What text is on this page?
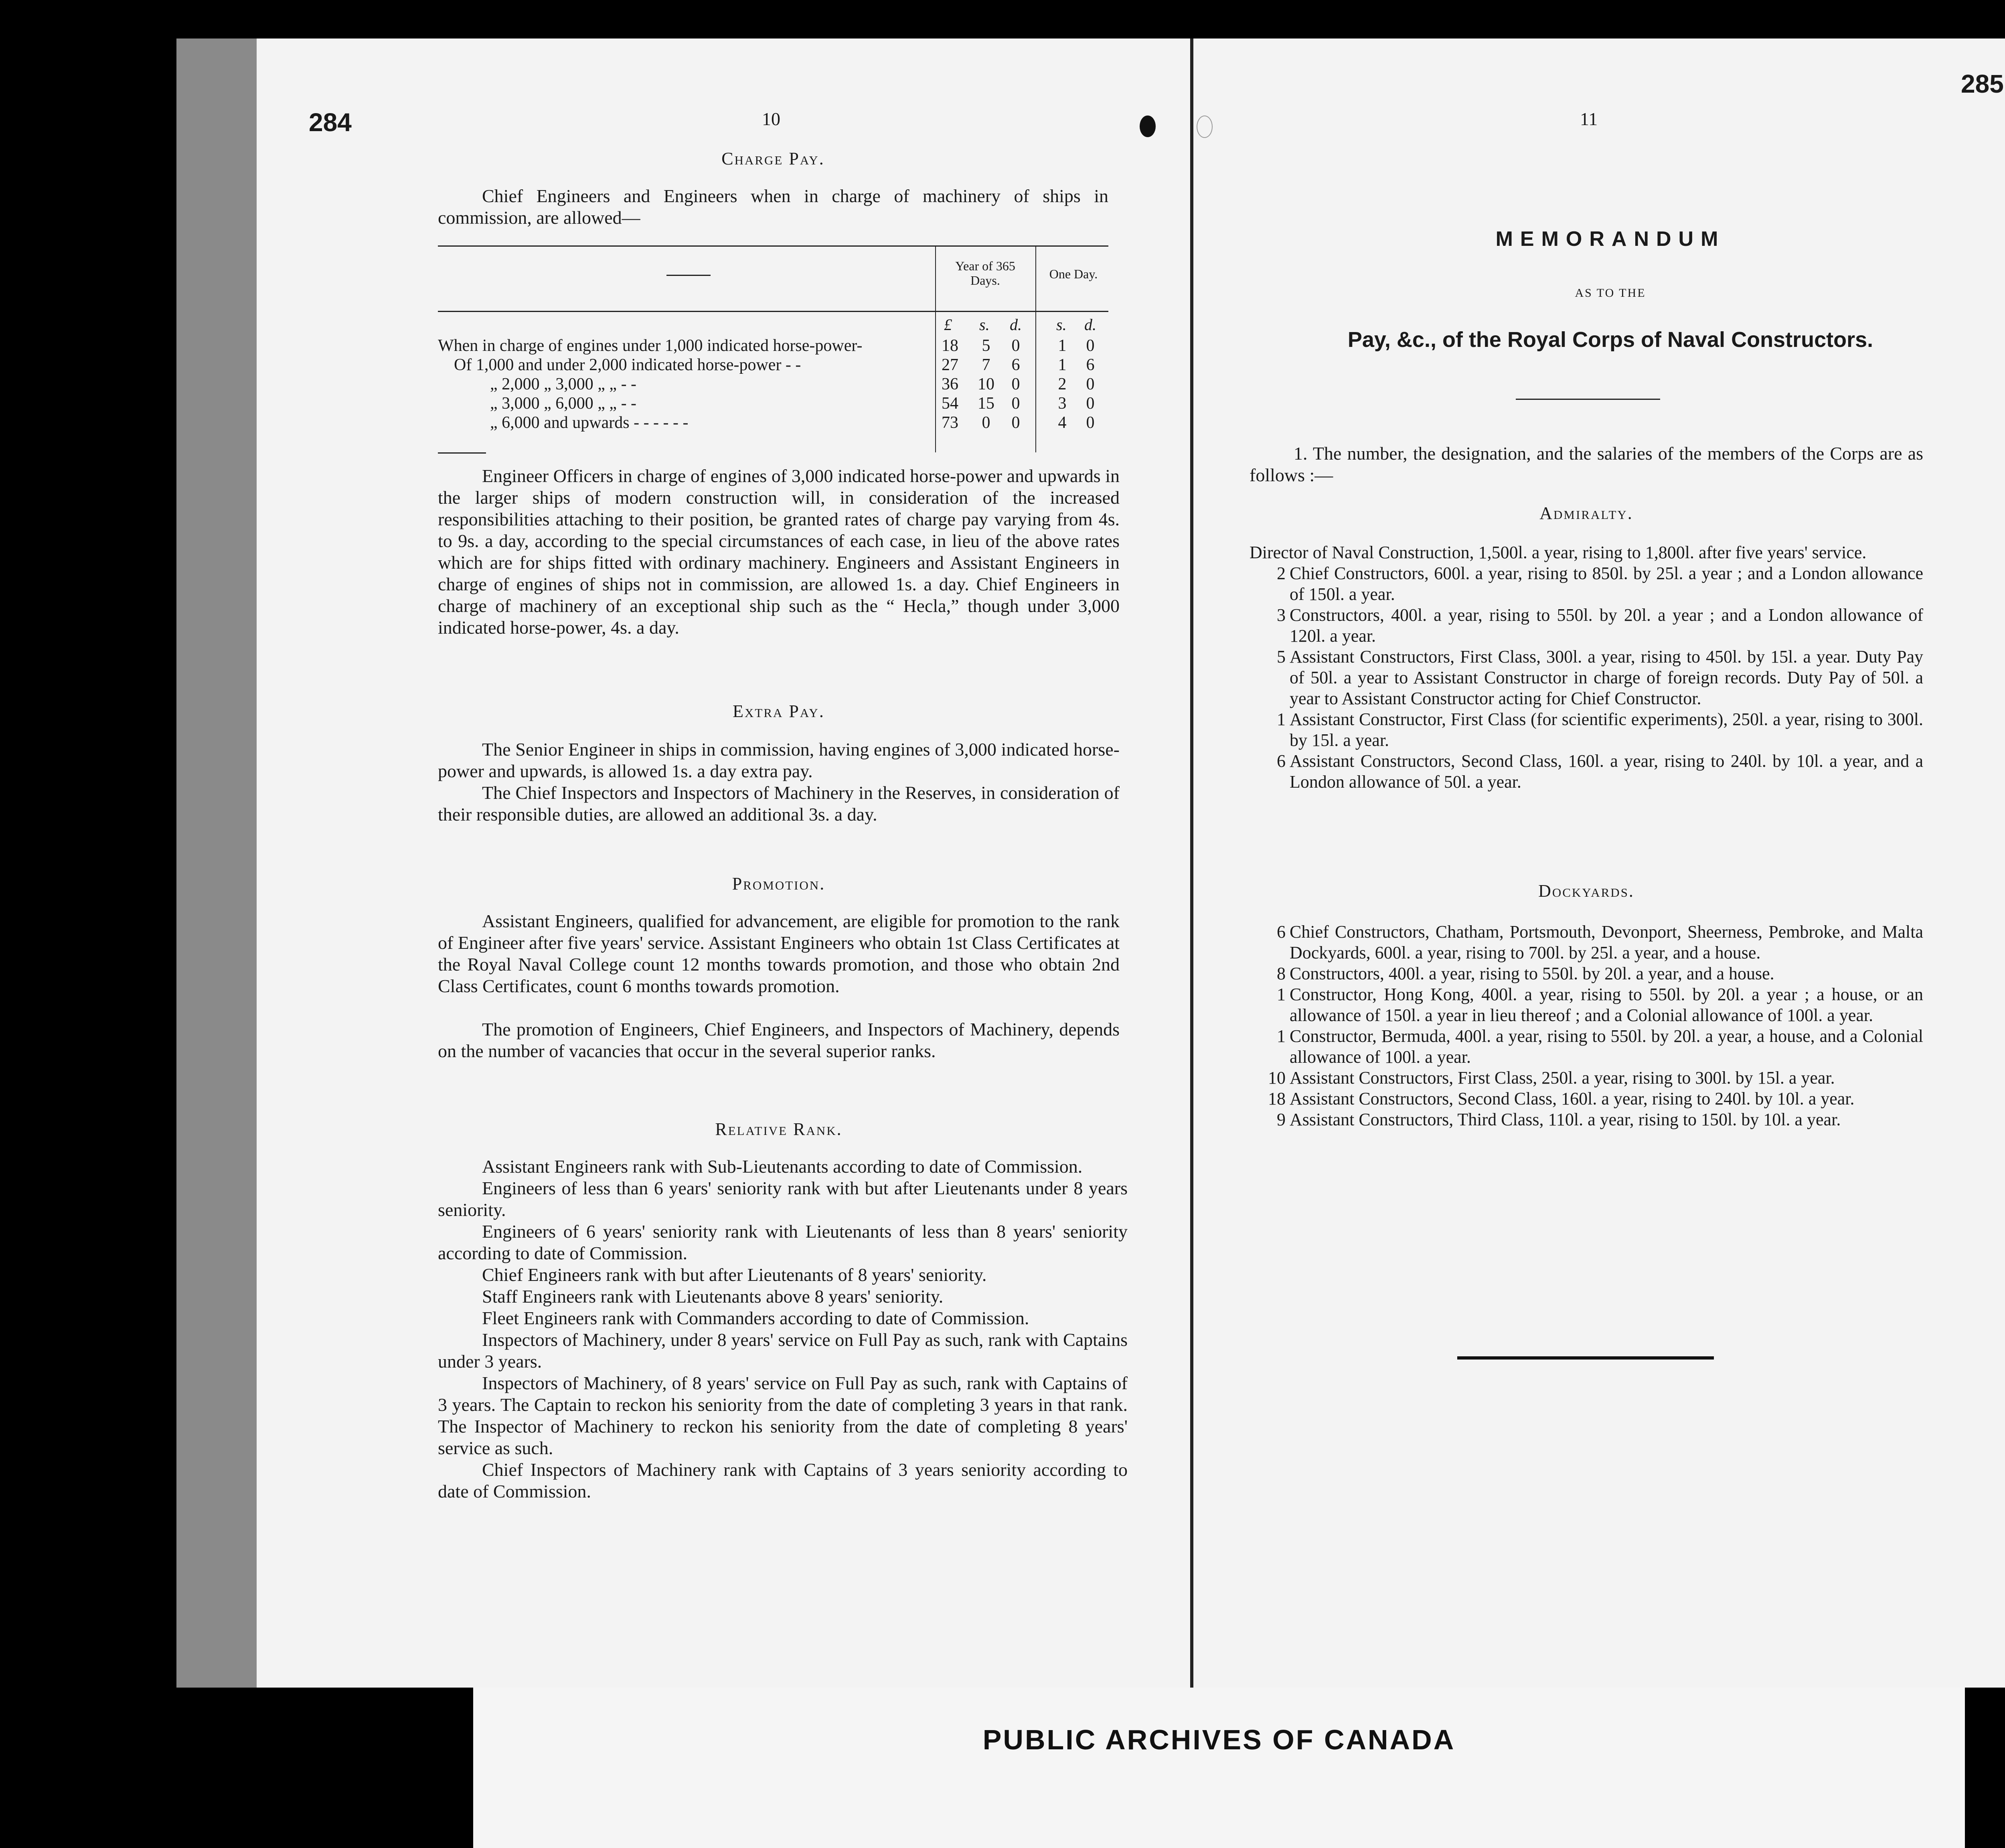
284	10
Charge Pay.

Chief Engineers and Engineers when in charge of machinery of ships in commission, are allowed—

Year of 365 Days.	One Day.
£ s. d. s. d.
When in charge of engines under 1,000 indicated horse-power-	18	5	0	1	0
Of 1,000 and under 2,000 indicated horse-power - -	27	7	6	1	6
„ 2,000 „ 3,000 „ „ - -	36 10	0	2	0
„ 3,000 „ 6,000 „ „ - -	54 15	0	3	0
„ 6,000 and upwards - - - - - -	73	0	0	4	0

Engineer Officers in charge of engines of 3,000 indicated horse-power and upwards in the larger ships of modern construction will, in consideration of the increased responsibilities attaching to their position, be granted rates of charge pay varying from 4s. to 9s. a day, according to the special circumstances of each case, in lieu of the above rates which are for ships fitted with ordinary machinery. Engineers and Assistant Engineers in charge of engines of ships not in commission, are allowed 1s. a day. Chief Engineers in charge of machinery of an exceptional ship such as the “ Hecla,” though under 3,000 indicated horse-power, 4s. a day.

Extra Pay.

The Senior Engineer in ships in commission, having engines of 3,000 indicated horse-power and upwards, is allowed 1s. a day extra pay.

The Chief Inspectors and Inspectors of Machinery in the Reserves, in consideration of their responsible duties, are allowed an additional 3s. a day.

Promotion.

Assistant Engineers, qualified for advancement, are eligible for promotion to the rank of Engineer after five years' service. Assistant Engineers who obtain 1st Class Certificates at the Royal Naval College count 12 months towards promotion, and those who obtain 2nd Class Certificates, count 6 months towards promotion.

The promotion of Engineers, Chief Engineers, and Inspectors of Machinery, depends on the number of vacancies that occur in the several superior ranks.

Relative Rank.

Assistant Engineers rank with Sub-Lieutenants according to date of Commission.

Engineers of less than 6 years' seniority rank with but after Lieutenants under 8 years seniority.

Engineers of 6 years' seniority rank with Lieutenants of less than 8 years' seniority according to date of Commission.

Chief Engineers rank with but after Lieutenants of 8 years' seniority.

Staff Engineers rank with Lieutenants above 8 years' seniority.

Fleet Engineers rank with Commanders according to date of Commission.

Inspectors of Machinery, under 8 years' service on Full Pay as such, rank with Captains under 3 years.

Inspectors of Machinery, of 8 years' service on Full Pay as such, rank with Captains of 3 years. The Captain to reckon his seniority from the date of completing 3 years in that rank. The Inspector of Machinery to reckon his seniority from the date of completing 8 years' service as such.

Chief Inspectors of Machinery rank with Captains of 3 years seniority according to date of Commission.

285
11
MEMORANDUM
AS TO THE
Pay, &c., of the Royal Corps of Naval Constructors.

1. The number, the designation, and the salaries of the members of the Corps are as follows :—

Admiralty.
Director of Naval Construction, 1,500l. a year, rising to 1,800l. after five years' service.
2 Chief Constructors, 600l. a year, rising to 850l. by 25l. a year ; and a London allowance of 150l. a year.
3 Constructors, 400l. a year, rising to 550l. by 20l. a year ; and a London allowance of 120l. a year.
5 Assistant Constructors, First Class, 300l. a year, rising to 450l. by 15l. a year. Duty Pay of 50l. a year to Assistant Constructor in charge of foreign records. Duty Pay of 50l. a year to Assistant Constructor acting for Chief Constructor.
1 Assistant Constructor, First Class (for scientific experiments), 250l. a year, rising to 300l. by 15l. a year.
6 Assistant Constructors, Second Class, 160l. a year, rising to 240l. by 10l. a year, and a London allowance of 50l. a year.
Dockyards.
6 Chief Constructors, Chatham, Portsmouth, Devonport, Sheerness, Pembroke, and Malta Dockyards, 600l. a year, rising to 700l. by 25l. a year, and a house.
8 Constructors, 400l. a year, rising to 550l. by 20l. a year, and a house.
1 Constructor, Hong Kong, 400l. a year, rising to 550l. by 20l. a year ; a house, or an allowance of 150l. a year in lieu thereof ; and a Colonial allowance of 100l. a year.
1 Constructor, Bermuda, 400l. a year, rising to 550l. by 20l. a year, a house, and a Colonial allowance of 100l. a year.
10 Assistant Constructors, First Class, 250l. a year, rising to 300l. by 15l. a year.
18 Assistant Constructors, Second Class, 160l. a year, rising to 240l. by 10l. a year.
9 Assistant Constructors, Third Class, 110l. a year, rising to 150l. by 10l. a year.
PUBLIC ARCHIVES OF CANADA
